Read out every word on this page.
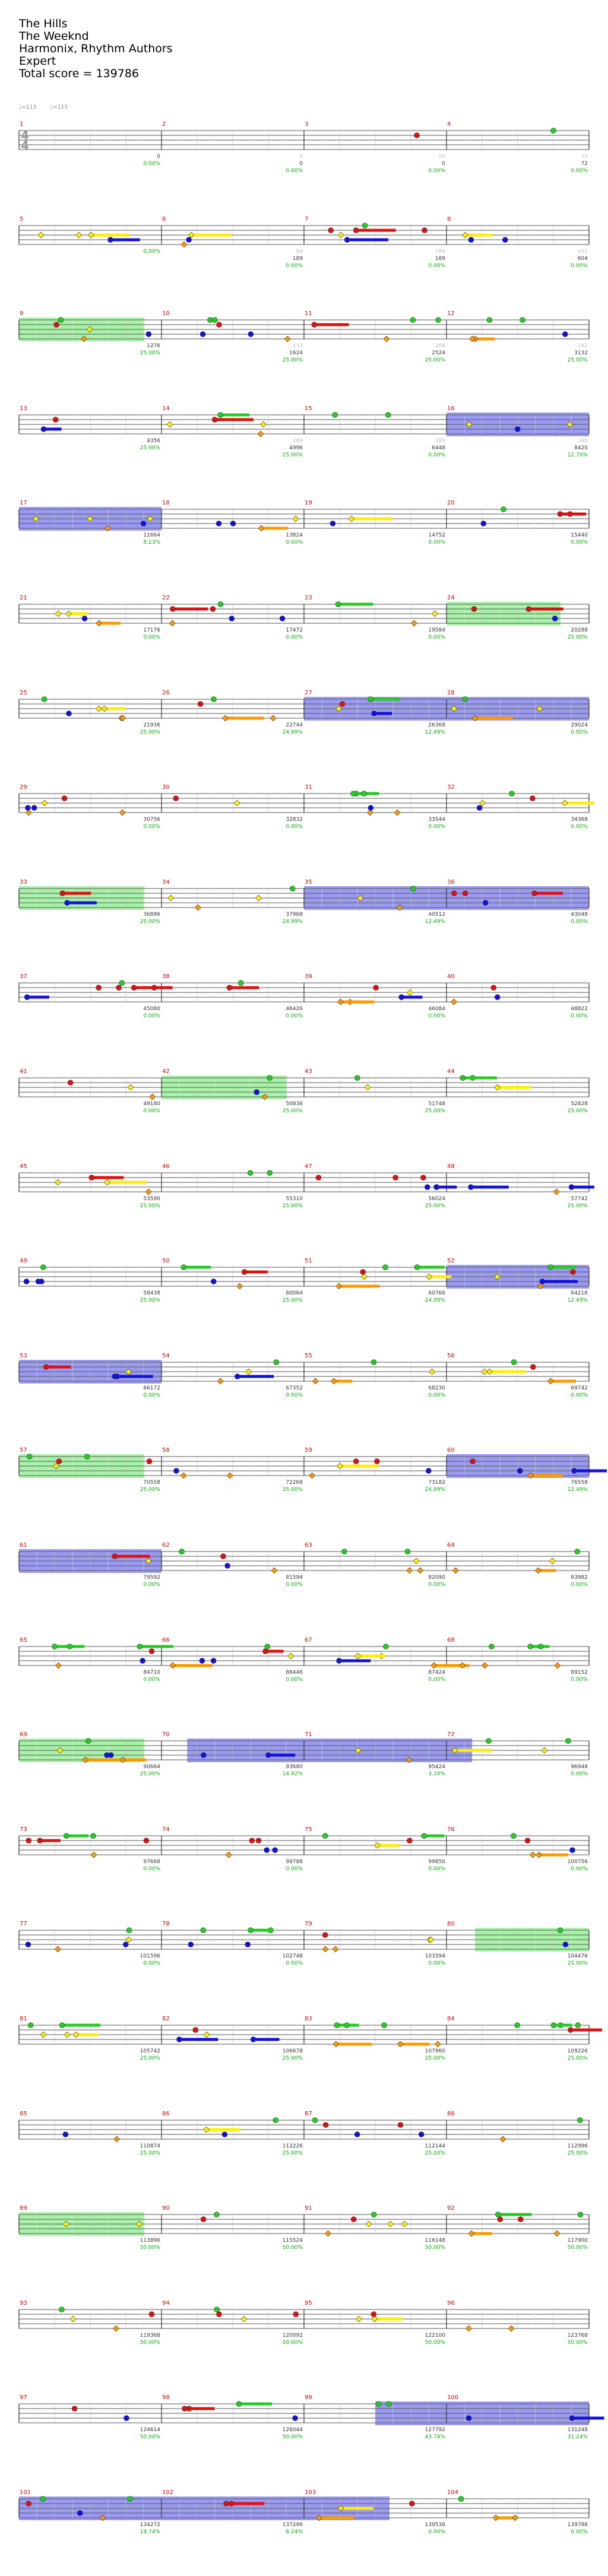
The Hills
The Weeknd
Harmonix, Rhythm Authors
Expert
Total score = 139786
♩=113	♩=113
4
4
1	2	3	4
0
0.00%
0
0
0.00%
50
0
0.00%
72
72
0.00%
5	6	7	8
0.00%	94
189
0.00%
189
189
0.00%
432
604
0.00%
9	10	11	12
1276
25.00%
233
1624
25.00%
208
2524
25.00%
192
3132
25.00%
13	14	15	16
4356
25.00%
289
4996
25.00%
289
6448
0.00%
346
8420
12.70%
17	18	19	20
11664
8.23%
13824
0.00%
14752
0.00%
15440
0.00%
21	22	23	24
17176
0.00%
17472
0.00%
19584
0.00%
20288
25.00%
25	26	27	28
21936
25.00%
22744
24.99%
26368
12.49%
29024
0.00%
29	30	31	32
30756
0.00%
32832
0.00%
33544
0.00%
34368
0.00%
33	34	35	36
36896
25.00%
37968
24.99%
40512
12.49%
43048
0.00%
37	38	39	40
45080
0.00%
46426
0.00%
46084
0.00%
48822
0.00%
41	42	43	44
49180
0.00%
50836
25.00%
51748
25.00%
52828
25.00%
45	46	47	48
53590
25.00%
55310
25.00%
56024
25.00%
57742
25.00%
49	50	51	52
58438
25.00%
60064
25.00%
60766
24.99%
64216
12.49%
53	54	55	56
66172
0.00%
67352
0.00%
68230
0.00%
69742
0.00%
57	58	59	60
70558
25.00%
72268
25.00%
73182
24.99%
76558
12.49%
61	62	63	64
79592
0.00%
81594
0.00%
82090
0.00%
83982
0.00%
65	66	67	68
84710
0.00%
86446
0.00%
87424
0.00%
89152
0.00%
69	70	71	72
90664
25.00%
93680
14.92%
95424
3.10%
96948
0.00%
73	74	75	76
97668
0.00%
99788
0.00%
99850
0.00%
100756
0.00%
77	78	79	80
101596
0.00%
102748
0.00%
103594
0.00%
104476
25.00%
81	82	83	84
105742
25.00%
106678
25.00%
107960
25.00%
109226
25.00%
85	86	87	88
110874
25.00%
112226
25.00%
112144
25.00%
112996
25.00%
89	90	91	92
113896
50.00%
115524
50.00%
116148
50.00%
117900
50.00%
93	94	95	96
119368
50.00%
120092
50.00%
122100
50.00%
123768
50.00%
97	98	99	100
124614
50.00%
126044
50.00%
127792
43.74%
131248
31.24%
101	102	103	104
134272
18.74%
137296
6.24%
139536
0.00%
139786
0.00%
